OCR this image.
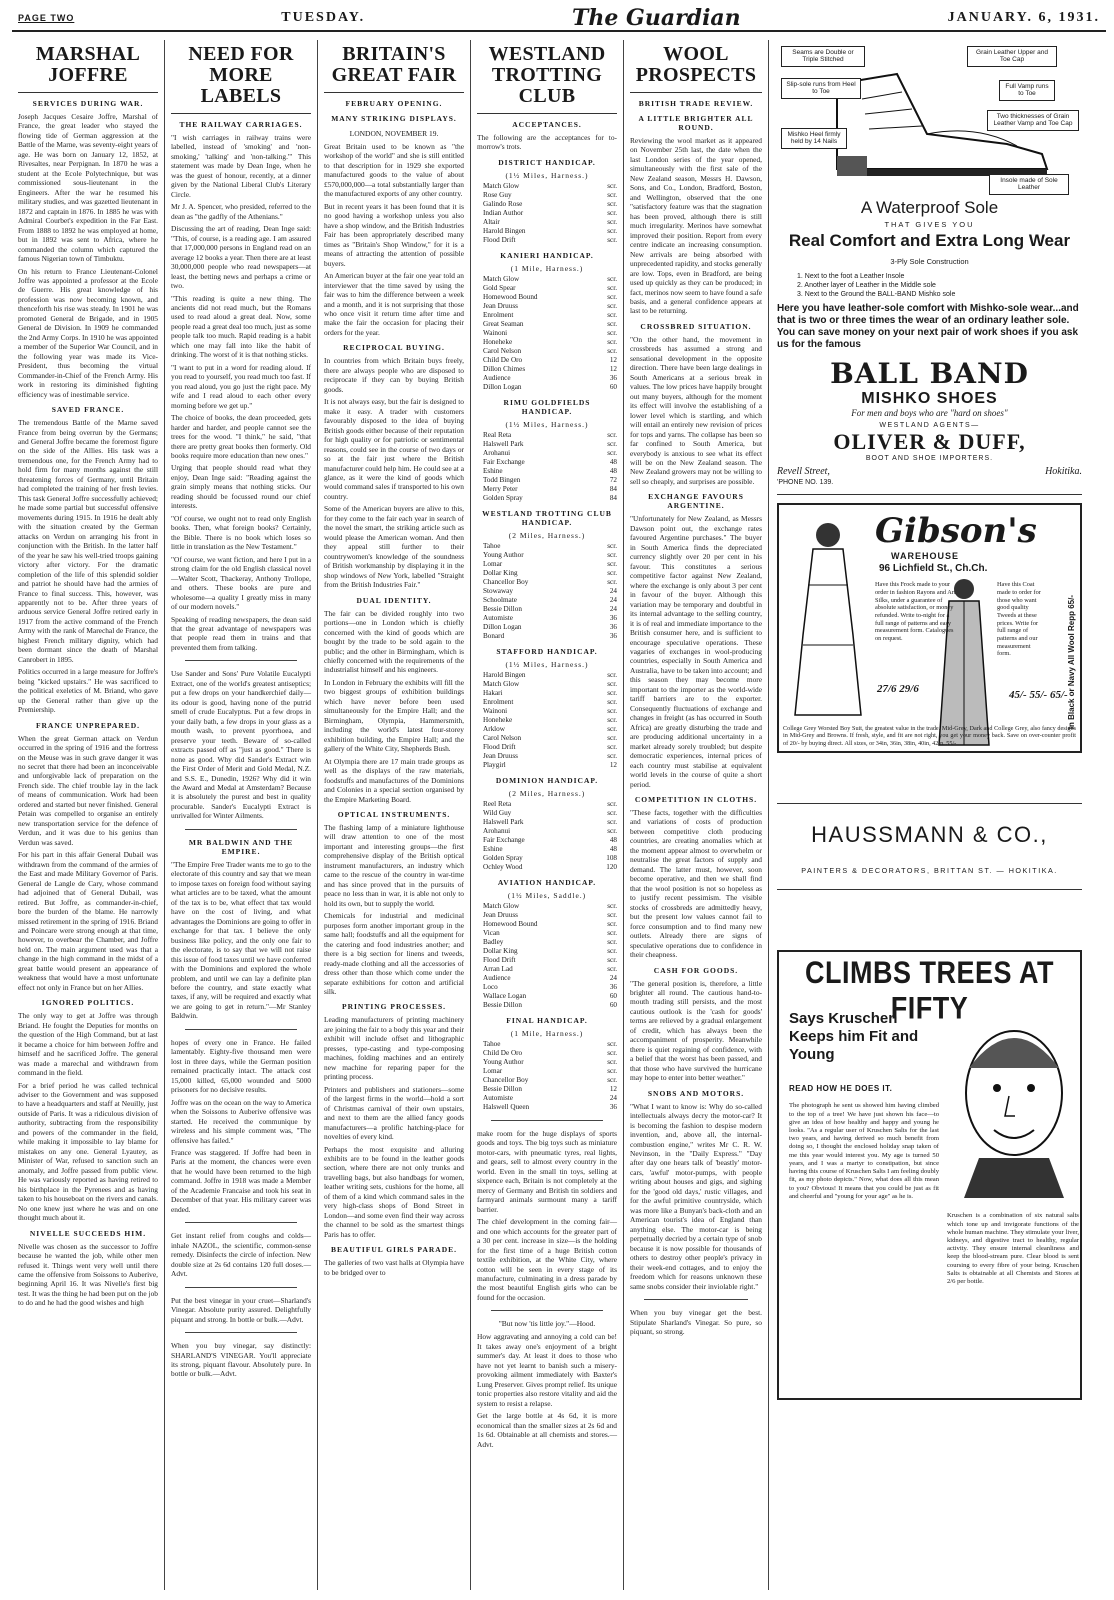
PAGE TWO	TUESDAY.	The Guardian	JANUARY. 6, 1931.
MARSHAL JOFFRE
SERVICES DURING WAR.

Joseph Jacques Cesaire Joffre, Marshal of France, the great leader who stayed the flowing tide of German aggression at the Battle of the Marne, was seventy-eight years of age. He was born on January 12, 1852, at Rivesaltes, near Perpignan. In 1870 he was a student at the Ecole Polytechnique, but was commissioned sous-lieutenant in the Engineers. After the war he resumed his military studies, and was gazetted lieutenant in 1872 and captain in 1876. In 1885 he was with Admiral Courbet's expedition in the Far East. From 1888 to 1892 he was employed at home, but in 1892 was sent to Africa, where he commanded the column which captured the famous Nigerian town of Timbuktu.

On his return to France Lieutenant-Colonel Joffre was appointed a professor at the Ecole de Guerre. His great knowledge of his profession was now becoming known, and thenceforth his rise was steady. In 1901 he was promoted General de Brigade, and in 1905 General de Division. In 1909 he commanded the 2nd Army Corps. In 1910 he was appointed a member of the Superior War Council, and in the following year was made its Vice-President, thus becoming the virtual Commander-in-Chief of the French Army. His work in restoring its diminished fighting efficiency was of inestimable service.

SAVED FRANCE.

The tremendous Battle of the Marne saved France from being overrun by the Germans; and General Joffre became the foremost figure on the side of the Allies. His task was a tremendous one, for the French Army had to hold firm for many months against the still threatening forces of Germany, until Britain had completed the training of her fresh levies. This task General Joffre successfully achieved; he made some partial but successful offensive movements during 1915. In 1916 he dealt ably with the situation created by the German attacks on Verdun on arranging his front in conjunction with the British. In the latter half of the year he saw his well-tried troops gaining victory after victory. For the dramatic completion of the life of this splendid soldier and patriot he should have had the armies of France to final success. This, however, was apparently not to be. After three years of arduous service General Joffre retired early in 1917 from the active command of the French Army with the rank of Marechal de France, the highest French military dignity, which had been dormant since the death of Marshal Canrobert in 1895.

Politics occurred in a large measure for Joffre's being "kicked upstairs." He was sacrificed to the political exeletics of M. Briand, who gave up the General rather than give up the Premiership.

FRANCE UNPREPARED.

When the great German attack on Verdun occurred in the spring of 1916 and the fortress on the Meuse was in such grave danger it was no secret that there had been an inconceivable and unforgivable lack of preparation on the French side. The chief trouble lay in the lack of means of communication. Work had been ordered and started but never finished. General Petain was compelled to organise an entirely new transportation service for the defence of Verdun, and it was due to his genius than Verdun was saved.

For his part in this affair General Dubail was withdrawn from the command of the armies of the East and made Military Governor of Paris. General de Langle de Cary, whose command had adjoined that of General Dubail, was retired. But Joffre, as commander-in-chief, bore the burden of the blame. He narrowly missed retirement in the spring of 1916. Briand and Poincare were strong enough at that time, however, to overbear the Chamber, and Joffre held on. The main argument used was that a change in the high command in the midst of a great battle would present an appearance of weakness that would have a most unfortunate effect not only in France but on her Allies.

IGNORED POLITICS.

The only way to get at Joffre was through Briand. He fought the Deputies for months on the question of the High Command, but at last it became a choice for him between Joffre and himself and he sacrificed Joffre. The general was made a marechal and withdrawn from command in the field.

For a brief period he was called technical adviser to the Government and was supposed to have a headquarters and staff at Neuilly, just outside of Paris. It was a ridiculous division of authority, subtracting from the responsibility and powers of the commander in the field, while making it impossible to lay blame for mistakes on any one. General Lyautey, as Minister of War, refused to sanction such an anomaly, and Joffre passed from public view. He was variously reported as having retired to his birthplace in the Pyrenees and as having taken to his houseboat on the rivers and canals. No one knew just where he was and on one thought much about it.

NIVELLE SUCCEEDS HIM.

Nivelle was chosen as the successor to Joffre because he wanted the job, while other men refused it. Things went very well until there came the offensive from Soissons to Auberive, beginning April 16. It was Nivelle's first big test. It was the thing he had been put on the job to do and he had the good wishes and high

NEED FOR MORE LABELS
THE RAILWAY CARRIAGES.

"I wish carriages in railway trains were labelled, instead of 'smoking' and 'non-smoking,' 'talking' and 'non-talking.'" This statement was made by Dean Inge, when he was the guest of honour, recently, at a dinner given by the National Liberal Club's Literary Circle.

Mr J. A. Spencer, who presided, referred to the dean as "the gadfly of the Athenians."

Discussing the art of reading, Dean Inge said: "This, of course, is a reading age. I am assured that 17,000,000 persons in England read on an average 12 books a year. Then there are at least 30,000,000 people who read newspapers—at least, the betting news and perhaps a crime or two.

"This reading is quite a new thing. The ancients did not read much, but the Romans used to read aloud a great deal. Now, some people read a great deal too much, just as some people talk too much. Rapid reading is a habit which one may fall into like the habit of drinking. The worst of it is that nothing sticks.

"I want to put in a word for reading aloud. If you read to yourself, you read much too fast. If you read aloud, you go just the right pace. My wife and I read aloud to each other every morning before we get up."

The choice of books, the dean proceeded, gets harder and harder, and people cannot see the trees for the wood. "I think," he said, "that there are pretty great books then formerly. Old books require more education than new ones."

Urging that people should read what they enjoy, Dean Inge said: "Reading against the grain simply means that nothing sticks. Our reading should be focussed round our chief interests.

"Of course, we ought not to read only English books. Then, what foreign books? Certainly, the Bible. There is no book which loses so little in translation as the New Testament."

"Of course, we want fiction, and here I put in a strong claim for the old English classical novel—Walter Scott, Thackeray, Anthony Trollope, and others. These books are pure and wholesome—a quality I greatly miss in many of our modern novels."

Speaking of reading newspapers, the dean said that the great advantage of newspapers was that people read them in trains and that prevented them from talking.

Use Sander and Sons' Pure Volatile Eucalypti Extract, one of the world's greatest antiseptics; put a few drops on your handkerchief daily—its odour is good, having none of the putrid smell of crude Eucalyptus. Put a few drops in your daily bath, a few drops in your glass as a mouth wash, to prevent pyorrhoea, and preserve your teeth. Beware of so-called extracts passed off as "just as good." There is none as good. Why did Sander's Extract win the First Order of Merit and Gold Medal, N.Z. and S.S. E., Dunedin, 1926? Why did it win the Award and Medal at Amsterdam? Because it is absolutely the purest and best in quality procurable. Sander's Eucalypti Extract is unrivalled for Winter Ailments.

MR BALDWIN AND THE EMPIRE.

"The Empire Free Trader wants me to go to the electorate of this country and say that we mean to impose taxes on foreign food without saying what articles are to be taxed, what the amount of the tax is to be, what effect that tax would have on the cost of living, and what advantages the Dominions are going to offer in exchange for that tax. I believe the only business like policy, and the only one fair to the electorate, is to say that we will not raise this issue of food taxes until we have conferred with the Dominions and explored the whole problem, and until we can lay a definite plan before the country, and state exactly what taxes, if any, will be required and exactly what we are going to get in return."—Mr Stanley Baldwin.

hopes of every one in France. He failed lamentably. Eighty-five thousand men were lost in three days, while the German position remained practically intact. The attack cost 15,000 killed, 65,000 wounded and 5000 prisoners for no decisive results.

Joffre was on the ocean on the way to America when the Soissons to Auberive offensive was started. He received the communique by wireless and his simple comment was, "The offensive has failed."

France was staggered. If Joffre had been in Paris at the moment, the chances were even that he would have been returned to the high command. Joffre in 1918 was made a Member of the Academie Francaise and took his seat in December of that year. His military career was ended.

Get instant relief from coughs and colds—inhale NAZOL, the scientific, common-sense remedy. Disinfects the circle of infection. New double size at 2s 6d contains 120 full doses.—Advt.

Put the best vinegar in your cruet—Sharland's Vinegar. Absolute purity assured. Delightfully piquant and strong. In bottle or bulk.—Advt.

When you buy vinegar, say distinctly: SHARLAND'S VINEGAR. You'll appreciate its strong, piquant flavour. Absolutely pure. In bottle or bulk.—Advt.

BRITAIN'S GREAT FAIR
FEBRUARY OPENING.
MANY STRIKING DISPLAYS.
LONDON, NOVEMBER 19.

Great Britain used to be known as "the workshop of the world" and she is still entitled to that description for in 1929 she exported manufactured goods to the value of about £570,000,000—a total substantially larger than the manufactured exports of any other country.

But in recent years it has been found that it is no good having a workshop unless you also have a shop window, and the British Industries Fair has been appropriately described many times as "Britain's Shop Window," for it is a means of attracting the attention of possible buyers.

An American buyer at the fair one year told an interviewer that the time saved by using the fair was to him the difference between a week and a month, and it is not surprising that those who once visit it return time after time and make the fair the occasion for placing their orders for the year.

RECIPROCAL BUYING.

In countries from which Britain buys freely, there are always people who are disposed to reciprocate if they can by buying British goods.

It is not always easy, but the fair is designed to make it easy. A trader with customers favourably disposed to the idea of buying British goods either because of their reputation for high quality or for patriotic or sentimental reasons, could see in the course of two days or so at the fair just where the British manufacturer could help him. He could see at a glance, as it were the kind of goods which would command sales if transported to his own country.

Some of the American buyers are alive to this, for they come to the fair each year in search of the novel the smart, the striking article such as would please the American woman. And then they appeal still further to their countrywomen's knowledge of the soundness of British workmanship by displaying it in the shop windows of New York, labelled "Straight from the British Industries Fair."

DUAL IDENTITY.

The fair can be divided roughly into two portions—one in London which is chiefly concerned with the kind of goods which are bought by the trade to be sold again to the public; and the other in Birmingham, which is chiefly concerned with the requirements of the industrialist himself and his engineers.

In London in February the exhibits will fill the two biggest groups of exhibition buildings which have never before been used simultaneously for the Empire Hall; and the Birmingham, Olympia, Hammersmith, including the world's latest four-storey exhibition building, the Empire Hall; and the gallery of the White City, Shepherds Bush.

At Olympia there are 17 main trade groups as well as the displays of the raw materials, foodstuffs and manufactures of the Dominions and Colonies in a special section organised by the Empire Marketing Board.

OPTICAL INSTRUMENTS.

The flashing lamp of a miniature lighthouse will draw attention to one of the most important and interesting groups—the first comprehensive display of the British optical instrument manufacturers, an industry which came to the rescue of the country in war-time and has since proved that in the pursuits of peace no less than in war, it is able not only to hold its own, but to supply the world.

Chemicals for industrial and medicinal purposes form another important group in the same hall; foodstuffs and all the equipment for the catering and food industries another; and there is a big section for linens and tweeds, ready-made clothing and all the accessories of dress other than those which come under the separate exhibitions for cotton and artificial silk.

PRINTING PROCESSES.

Leading manufacturers of printing machinery are joining the fair to a body this year and their exhibit will include offset and lithographic presses, type-casting and type-composing machines, folding machines and an entirely new machine for reparing paper for the printing process.

Printers and publishers and stationers—some of the largest firms in the world—hold a sort of Christmas carnival of their own upstairs, and next to them are the allied fancy goods manufacturers—a prolific hatching-place for novelties of every kind.

Perhaps the most exquisite and alluring exhibits are to be found in the leather goods section, where there are not only trunks and travelling bags, but also handbags for women, leather writing sets, cushions for the home, all of them of a kind which command sales in the very high-class shops of Bond Street in London—and some even find their way across the channel to be sold as the smartest things Paris has to offer.

BEAUTIFUL GIRLS PARADE.

The galleries of two vast halls at Olympia have to be bridged over to

WESTLAND TROTTING CLUB
ACCEPTANCES.

The following are the acceptances for to-morrow's trots.

DISTRICT HANDICAP.
(1½ Miles, Harness.)
Match Glow	scr.
Rose Guy	scr.
Galindo Rose	scr.
Indian Author	scr.
Altair	scr.
Harold Bingen	scr.
Flood Drift	scr.
KANIERI HANDICAP.
(1 Mile, Harness.)
Match Glow	scr.
Gold Spear	scr.
Homewood Bound	scr.
Jean Druuss	scr.
Enrolment	scr.
Great Seaman	scr.
Wainoni	scr.
Honeheke	scr.
Carol Nelson	scr.
Child De Oro	12
Dillon Chimes	12
Audience	36
Dillon Logan	60
RIMU GOLDFIELDS HANDICAP.
(1½ Miles, Harness.)
Real Reta	scr.
Halswell Park	scr.
Arohanui	scr.
Fair Exchange	48
Eshine	48
Todd Bingen	72
Merry Peter	84
Golden Spray	84
WESTLAND TROTTING CLUB HANDICAP.
(2 Miles, Harness.)
Tahoe	scr.
Young Author	scr.
Lomar	scr.
Dollar King	scr.
Chancellor Boy	scr.
Stowaway	24
Schoolmate	24
Bessie Dillon	24
Automiste	36
Dillon Logan	36
Bonard	36
STAFFORD HANDICAP.
(1½ Miles, Harness.)
Harold Bingen	scr.
Match Glow	scr.
Hakari	scr.
Enrolment	scr.
Wainoni	scr.
Honeheke	scr.
Arklow	scr.
Carol Nelson	scr.
Flood Drift	scr.
Jean Druuss	scr.
Playgirl	12
DOMINION HANDICAP.
(2 Miles, Harness.)
Reel Reta	scr.
Wild Guy	scr.
Halswell Park	scr.
Arohanui	scr.
Fair Exchange	48
Eshine	48
Golden Spray	108
Ochley Wood	120
AVIATION HANDICAP.
(1½ Miles, Saddle.)
Match Glow	scr.
Jean Druuss	scr.
Homewood Bound	scr.
Vican	scr.
Badley	scr.
Dollar King	scr.
Flood Drift	scr.
Arran Lad	scr.
Audience	24
Loco	36
Wallace Logan	60
Bessie Dillon	60
FINAL HANDICAP.
(1 Mile, Harness.)
Tahoe	scr.
Child De Oro	scr.
Young Author	scr.
Lomar	scr.
Chancellor Boy	scr.
Bessie Dillon	12
Automiste	24
Halswell Queen	36

make room for the huge displays of sports goods and toys. The big toys such as miniature motor-cars, with pneumatic tyres, real lights, and gears, sell to almost every country in the world. Even in the small tin toys, selling at sixpence each, Britain is not completely at the mercy of Germany and British tin soldiers and farmyard animals surmount many a tariff barrier.

The chief development in the coming fair—and one which accounts for the greater part of a 30 per cent. increase in size—is the holding for the first time of a huge British cotton textile exhibition, at the White City, where cotton will be seen in every stage of its manufacture, culminating in a dress parade by the most beautiful English girls who can be found for the occasion.

"But now 'tis little joy."—Hood.

How aggravating and annoying a cold can be! It takes away one's enjoyment of a bright summer's day. At least it does to those who have not yet learnt to banish such a misery-provoking ailment immediately with Baxter's Lung Preserver. Gives prompt relief. Its unique tonic properties also restore vitality and aid the system to resist a relapse.

Get the large bottle at 4s 6d, it is more economical than the smaller sizes at 2s 6d and 1s 6d. Obtainable at all chemists and stores.—Advt.

WOOL PROSPECTS
BRITISH TRADE REVIEW.
A LITTLE BRIGHTER ALL ROUND.

Reviewing the wool market as it appeared on November 25th last, the date when the last London series of the year opened, simultaneously with the first sale of the New Zealand season, Messrs H. Dawson, Sons, and Co., London, Bradford, Boston, and Wellington, observed that the one "satisfactory feature was that the stagnation has been proved, although there is still much irregularity. Merinos have somewhat improved their position. Report from every centre indicate an increasing consumption. New arrivals are being absorbed with unprecedented rapidity, and stocks generally are low. Tops, even in Bradford, are being used up quickly as they can be produced; in fact, merinos now seem to have found a safe basis, and a general confidence appears at last to be returning.

CROSSBRED SITUATION.

"On the other hand, the movement in crossbreds has assumed a strong and sensational development in the opposite direction. There have been large dealings in South Americans at a serious break in values. The low prices have happily brought out many buyers, although for the moment its effect will involve the establishing of a lower level which is startling, and which will entail an entirely new revision of prices for tops and yarns. The collapse has been so far confined to South America, but everybody is anxious to see what its effect will be on the New Zealand season. The New Zealand growers may not be willing to sell so cheaply, and surprises are possible.

EXCHANGE FAVOURS ARGENTINE.

"Unfortunately for New Zealand, as Messrs Dawson point out, the exchange rates favoured Argentine purchases." The buyer in South America finds the depreciated currency slightly over 20 per cent in his favour. This constitutes a serious competitive factor against New Zealand, where the exchange is only about 3 per cent in favour of the buyer. Although this variation may be temporary and doubtful in its internal advantage to the selling country, it is of real and immediate importance to the British consumer here, and is sufficient to encourage speculative operations. These vagaries of exchanges in wool-producing countries, especially in South America and Australia, have to be taken into account; and this season they may become more important to the importer as the world-wide tariff barriers are to the exporter. Consequently fluctuations of exchange and changes in freight (as has occurred in South Africa) are greatly disturbing the trade and are producing additional uncertainty in a market already sorely troubled; but despite democratic experiences, internal prices of each country must stabilise at equivalent world levels in the course of quite a short period.

COMPETITION IN CLOTHS.

"These facts, together with the difficulties and variations of costs of production between competitive cloth producing countries, are creating anomalies which at the moment appear almost to overwhelm or neutralise the great factors of supply and demand. The latter must, however, soon become operative, and then we shall find that the wool position is not so hopeless as to justify recent pessimism. The visible stocks of crossbreds are admittedly heavy, but the present low values cannot fail to force consumption and to find many new outlets. Already there are signs of speculative operations due to confidence in their cheapness.

CASH FOR GOODS.

"The general position is, therefore, a little brighter all round. The cautious hand-to-mouth trading still persists, and the most cautious outlook is the 'cash for goods' terms are relieved by a gradual enlargement of credit, which has always been the accompaniment of prosperity. Meanwhile there is quiet regaining of confidence, with a belief that the worst has been passed, and that those who have survived the hurricane may hope to enter into better weather."

SNOBS AND MOTORS.

"What I want to know is: Why do so-called intellectuals always decry the motor-car? It is becoming the fashion to despise modern invention, and, above all, the internal-combustion engine," writes Mr C. R. W. Nevinson, in the "Daily Express." "Day after day one hears talk of 'beastly' motor-cars, 'awful' motor-pumps, with people writing about houses and gigs, and sighing for the 'good old days,' rustic villages, and for the awful primitive countryside, which was more like a Bunyan's back-cloth and an American tourist's idea of England than anything else. The motor-car is being perpetually decried by a certain type of snob because it is now possible for thousands of others to destroy other people's privacy in their week-end cottages, and to enjoy the freedom which for reasons unknown these same snobs consider their inviolable right."

When you buy vinegar get the best. Stipulate Sharland's Vinegar. So pure, so piquant, so strong.

Seams are Double or Triple Stitched
Grain Leather Upper and Toe Cap
Slip-sole runs from Heel to Toe
Full Vamp runs to Toe
Two thicknesses of Grain Leather Vamp and Toe Cap
Mishko Heel firmly held by 14 Nails
Insole made of Sole Leather
A Waterproof Sole
THAT GIVES YOU
Real Comfort and Extra Long Wear
3-Ply Sole Construction
1. Next to the foot a Leather Insole
2. Another layer of Leather in the Middle sole
3. Next to the Ground the BALL-BAND Mishko sole
Here you have leather-sole comfort with Mishko-sole wear...and that is two or three times the wear of an ordinary leather sole. You can save money on your next pair of work shoes if you ask us for the famous
BALL BAND
MISHKO SHOES
For men and boys who are "hard on shoes"
WESTLAND AGENTS—
OLIVER & DUFF,
BOOT AND SHOE IMPORTERS.
Revell Street,	Hokitika.
'PHONE NO. 139.
Gibson's
WAREHOUSE
96 Lichfield St., Ch.Ch.
Have this Frock made to your order in fashion Rayons and Art Silks, under a guarantee of absolute satisfaction, or money refunded. Write to-night for a full range of patterns and easy measurement form. Catalogues on request.
Have this Coat made to order for those who want good quality Tweeds at these prices. Write for full range of patterns and our measurement form.
27/6 29/6	45/- 55/- 65/- In Black or Navy All Wool Repp 65/-
College Grey Worsted Boy Suit, the greatest value in the trade. Mid-Grey, Dark and College Grey, also fancy designs in Mid-Grey and Browns. If fresh, style, and fit are not right, you get your money back. Save on over-counter profit of 20/- by buying direct. All sizes, or 34in, 36in, 38in, 40in, 42in. 55/-
HAUSSMANN & CO.,
PAINTERS & DECORATORS, BRITTAN ST. — HOKITIKA.
CLIMBS TREES AT FIFTY
Says Kruschen Keeps him Fit and Young
READ HOW HE DOES IT.
The photograph he sent us showed him having climbed to the top of a tree! We have just shown his face—to give an idea of how healthy and happy and young he looks. "As a regular user of Kruschen Salts for the last two years, and having derived so much benefit from doing so, I thought the enclosed holiday snap taken of me this year would interest you. My age is turned 50 years, and I was a martyr to constipation, but since having this course of Kruschen Salts I am feeling doubly fit, as my photo depicts." Now, what does all this mean to you? Obvious! It means that you could be just as fit and cheerful and "young for your age" as he is.
Kruschen is a combination of six natural salts which tone up and invigorate functions of the whole human machine. They stimulate your liver, kidneys, and digestive tract to healthy, regular activity. They ensure internal cleanliness and keep the blood-stream pure. Clear blood is sent coursing to every fibre of your being. Kruschen Salts is obtainable at all Chemists and Stores at 2/6 per bottle.
